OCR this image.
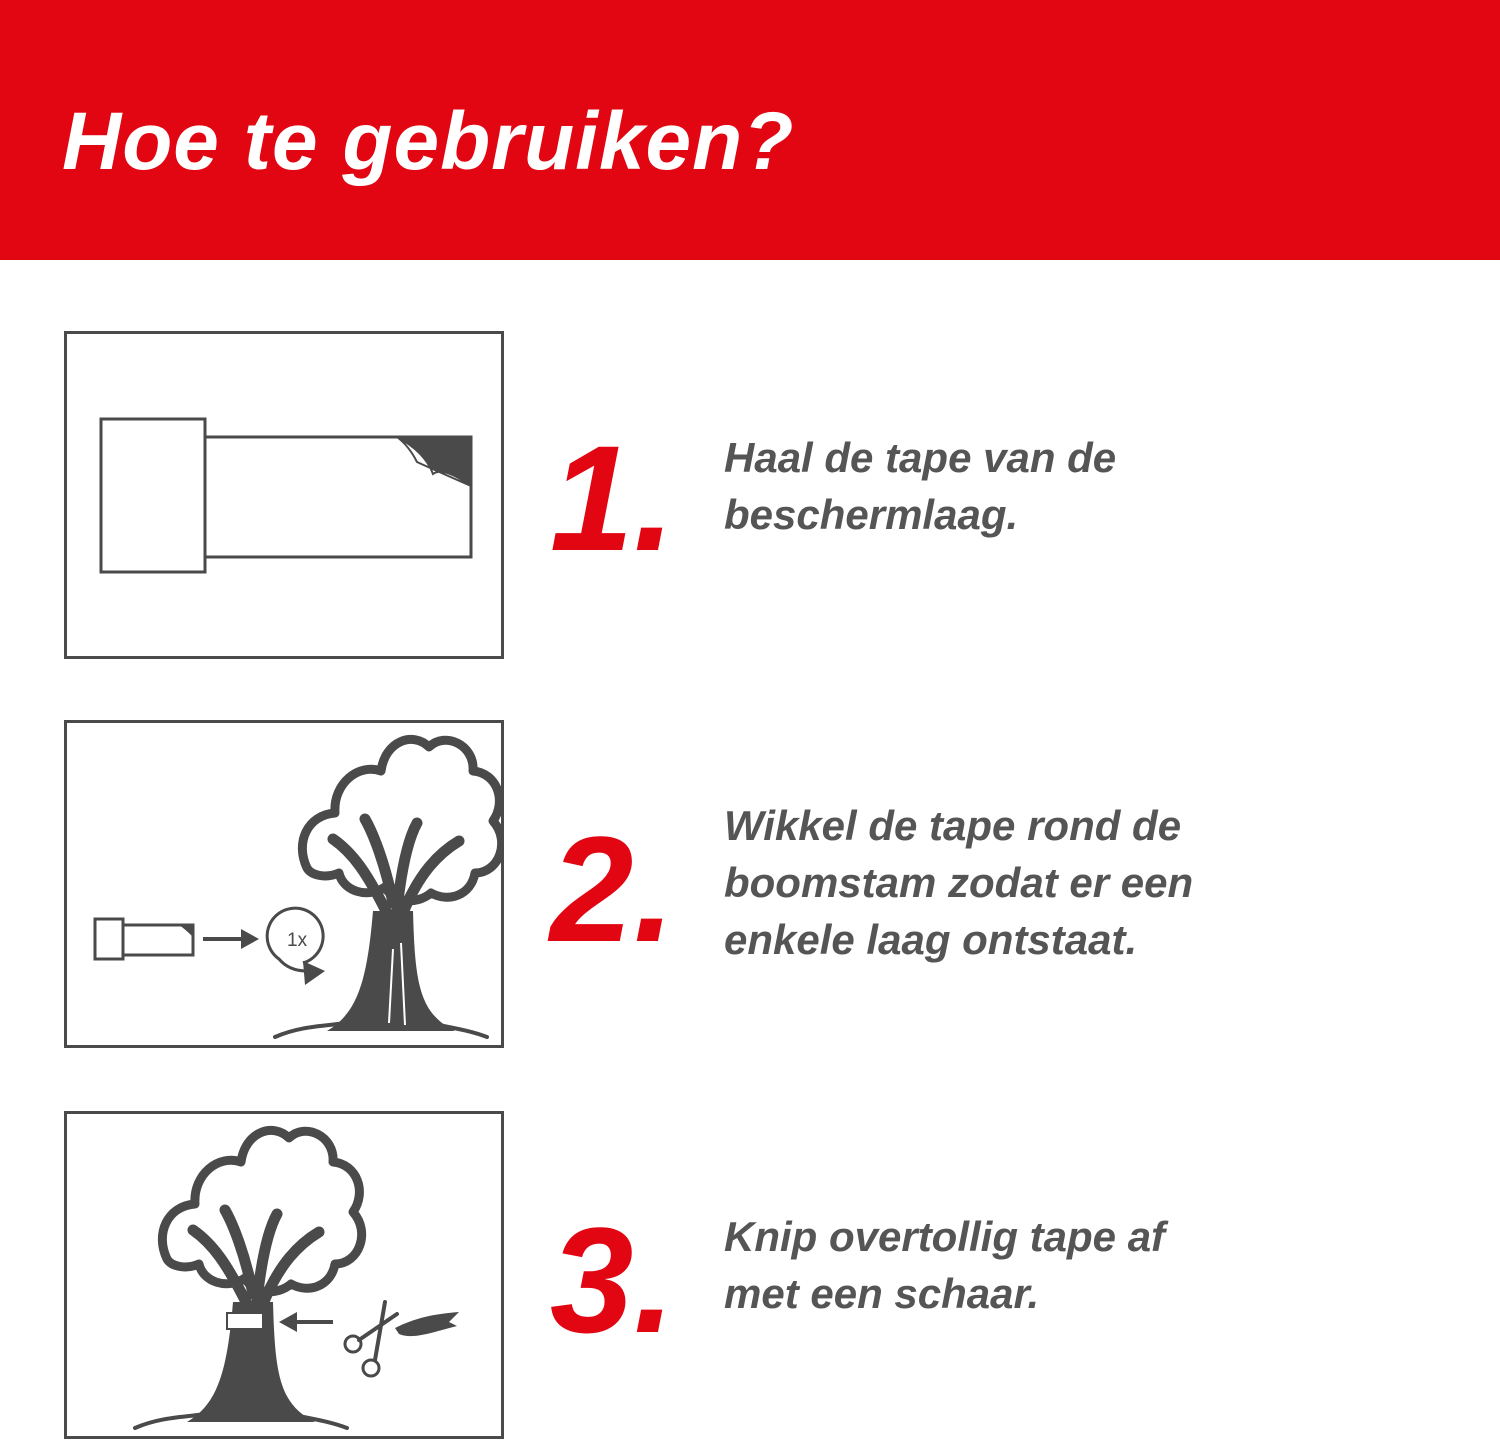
Hoe te gebruiken?
1. Haal de tape van de
beschermlaag.
1x 2. Wikkel de tape rond de
boomstam zodat er een
enkele laag ontstaat.
3. Knip overtollig tape af
met een schaar.
